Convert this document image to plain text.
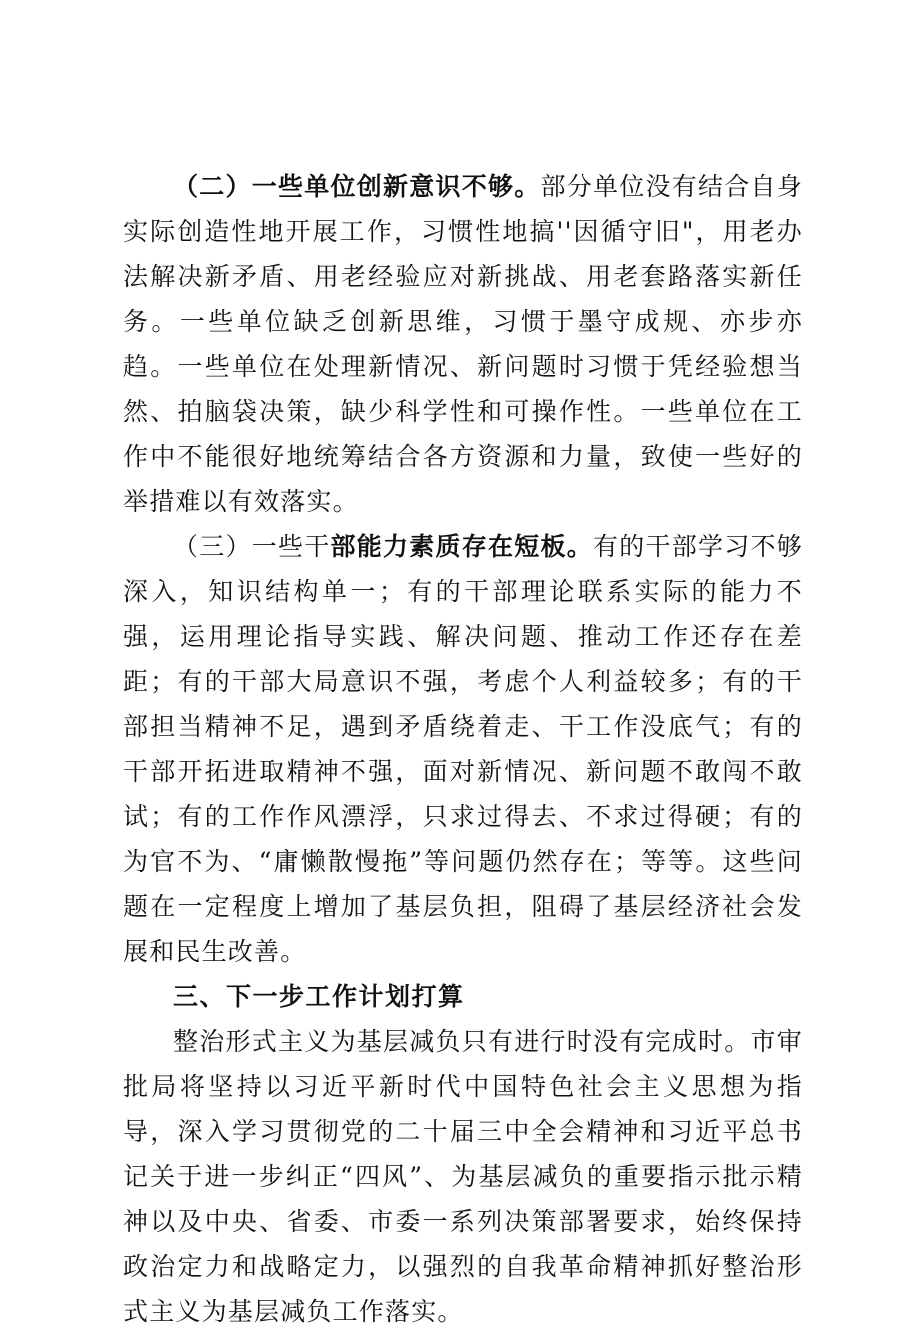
（二）一些单位创新意识不够。部分单位没有结合自身实际创造性地开展工作，习惯性地搞''因循守旧"，用老办法解决新矛盾、用老经验应对新挑战、用老套路落实新任务。一些单位缺乏创新思维，习惯于墨守成规、亦步亦趋。一些单位在处理新情况、新问题时习惯于凭经验想当然、拍脑袋决策，缺少科学性和可操作性。一些单位在工作中不能很好地统筹结合各方资源和力量，致使一些好的举措难以有效落实。

（三）一些干部能力素质存在短板。有的干部学习不够深入，知识结构单一；有的干部理论联系实际的能力不强，运用理论指导实践、解决问题、推动工作还存在差距；有的干部大局意识不强，考虑个人利益较多；有的干部担当精神不足，遇到矛盾绕着走、干工作没底气；有的干部开拓进取精神不强，面对新情况、新问题不敢闯不敢试；有的工作作风漂浮，只求过得去、不求过得硬；有的为官不为、“庸懒散慢拖”等问题仍然存在；等等。这些问题在一定程度上增加了基层负担，阻碍了基层经济社会发展和民生改善。

三、下一步工作计划打算

整治形式主义为基层减负只有进行时没有完成时。市审批局将坚持以习近平新时代中国特色社会主义思想为指导，深入学习贯彻党的二十届三中全会精神和习近平总书记关于进一步纠正“四风”、为基层减负的重要指示批示精神以及中央、省委、市委一系列决策部署要求，始终保持政治定力和战略定力，以强烈的自我革命精神抓好整治形式主义为基层减负工作落实。
